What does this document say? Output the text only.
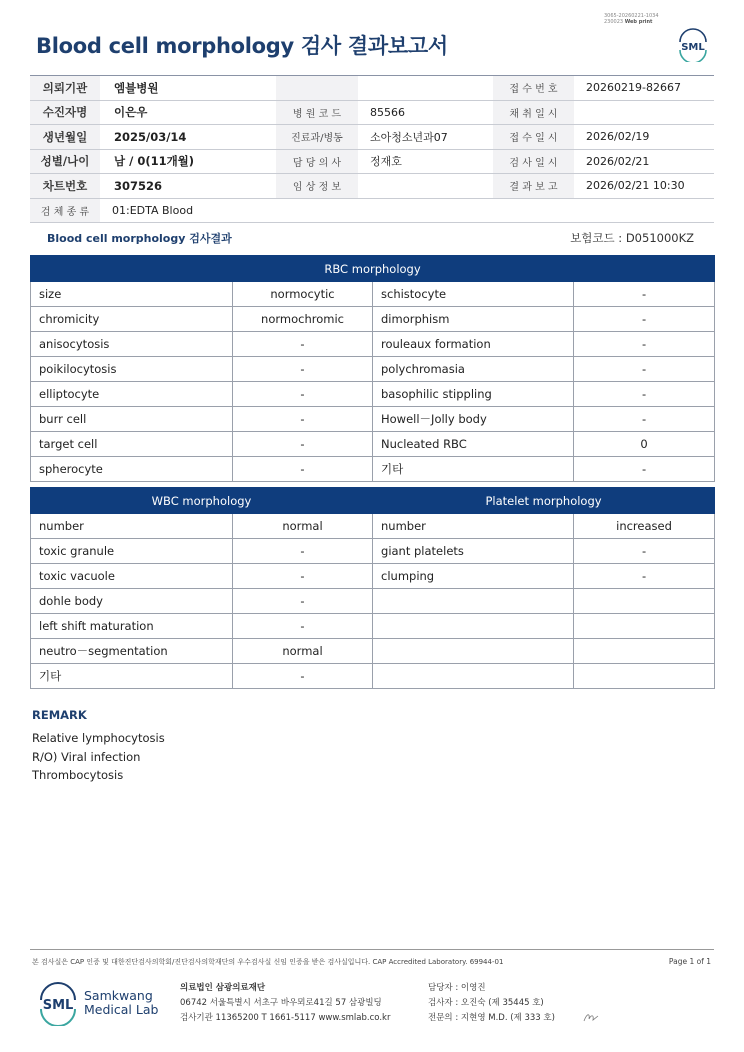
3065-20260221-1034
230023 Web print
Blood cell morphology 검사 결과보고서	SML
의뢰기관	엠블병원			접 수 번 호	20260219-82667
수진자명	이은우	병 원 코 드	85566	채 취 일 시	
생년월일	2025/03/14	진료과/병동	소아청소년과07	접 수 일 시	2026/02/19
성별/나이	남 / 0(11개월)	담 당 의 사	정재호	검 사 일 시	2026/02/21
차트번호	307526	임 상 정 보		결 과 보 고	2026/02/21 10:30
검 체 종 류	01:EDTA Blood				
Blood cell morphology 검사결과	보험코드 : D051000KZ
RBC morphology			
size	normocytic	schistocyte	-
chromicity	normochromic	dimorphism	-
anisocytosis	-	rouleaux formation	-
poikilocytosis	-	polychromasia	-
elliptocyte	-	basophilic stippling	-
burr cell	-	Howell－Jolly body	-
target cell	-	Nucleated RBC	0
spherocyte	-	기타	-
WBC morphology		Platelet morphology	
number	normal	number	increased
toxic granule	-	giant platelets	-
toxic vacuole	-	clumping	-
dohle body	-		
left shift maturation	-		
neutro－segmentation	normal		
기타	-		
REMARK
Relative lymphocytosis
R/O) Viral infection
Thrombocytosis
본 검사실은 CAP 인증 및 대한진단검사의학회/진단검사의학재단의 우수검사실 신임 인증을 받은 검사실입니다. CAP Accredited Laboratory. 69944-01	Page 1 of 1
SML
Samkwang
Medical Lab
의료법인 삼광의료재단
06742 서울특별시 서초구 바우뫼로41길 57 삼광빌딩
검사기관 11365200 T 1661-5117 www.smlab.co.kr
담당자 : 이영진
검사자 : 오진숙 (제 35445 호)
전문의 : 지현영 M.D. (제 333 호)
